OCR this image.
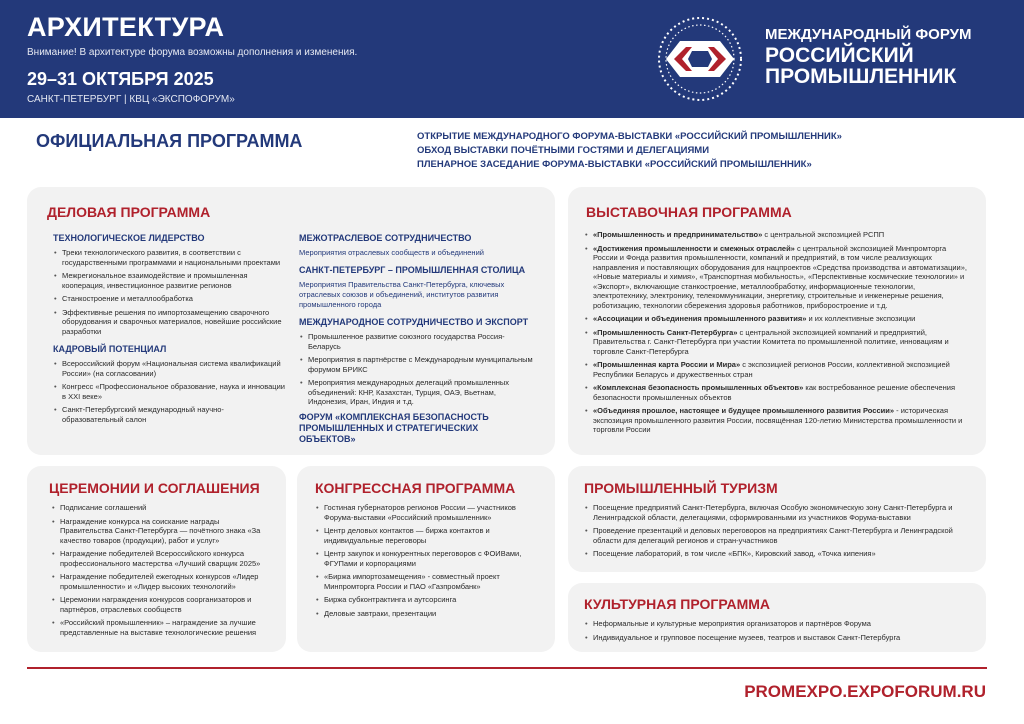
АРХИТЕКТУРА
Внимание! В архитектуре форума возможны дополнения и изменения.
29–31 ОКТЯБРЯ 2025
САНКТ-ПЕТЕРБУРГ | КВЦ «ЭКСПОФОРУМ»
МЕЖДУНАРОДНЫЙ ФОРУМ
РОССИЙСКИЙ
ПРОМЫШЛЕННИК
ОФИЦИАЛЬНАЯ ПРОГРАММА	ОТКРЫТИЕ МЕЖДУНАРОДНОГО ФОРУМА-ВЫСТАВКИ «РОССИЙСКИЙ ПРОМЫШЛЕННИК»
ОБХОД ВЫСТАВКИ ПОЧЁТНЫМИ ГОСТЯМИ И ДЕЛЕГАЦИЯМИ
ПЛЕНАРНОЕ ЗАСЕДАНИЕ ФОРУМА-ВЫСТАВКИ «РОССИЙСКИЙ ПРОМЫШЛЕННИК»
ДЕЛОВАЯ ПРОГРАММА
ТЕХНОЛОГИЧЕСКОЕ ЛИДЕРСТВО
• Треки технологического развития, в соответствии с государственными программами и национальными проектами
• Межрегиональное взаимодействие и промышленная кооперация, инвестиционное развитие регионов
• Станкостроение и металлообработка
• Эффективные решения по импортозамещению сварочного оборудования и сварочных материалов, новейшие российские разработки
КАДРОВЫЙ ПОТЕНЦИАЛ
• Всероссийский форум «Национальная система квалификаций России» (на согласовании)
• Конгресс «Профессиональное образование, наука и инновации в XXI веке»
• Санкт-Петербургский международный научно-образовательный салон
МЕЖОТРАСЛЕВОЕ СОТРУДНИЧЕСТВО
Мероприятия отраслевых сообществ и объединений
САНКТ-ПЕТЕРБУРГ – ПРОМЫШЛЕННАЯ СТОЛИЦА
Мероприятия Правительства Санкт-Петербурга, ключевых отраслевых союзов и объединений, институтов развития промышленного города
МЕЖДУНАРОДНОЕ СОТРУДНИЧЕСТВО И ЭКСПОРТ
• Промышленное развитие союзного государства Россия-Беларусь
• Мероприятия в партнёрстве с Международным муниципальным форумом БРИКС
• Мероприятия международных делегаций промышленных объединений: КНР, Казахстан, Турция, ОАЭ, Вьетнам, Индонезия, Иран, Индия и т.д.
ФОРУМ «КОМПЛЕКСНАЯ БЕЗОПАСНОСТЬ ПРОМЫШЛЕННЫХ И СТРАТЕГИЧЕСКИХ ОБЪЕКТОВ»
ВЫСТАВОЧНАЯ ПРОГРАММА
• «Промышленность и предпринимательство» с центральной экспозицией РСПП
• «Достижения промышленности и смежных отраслей» с центральной экспозицией Минпромторга России и Фонда развития промышленности, компаний и предприятий, в том числе реализующих направления и поставляющих оборудования для нацпроектов «Средства производства и автоматизации», «Новые материалы и химия», «Транспортная мобильность», «Перспективные космические технологии» и «Экспорт», включающие станкостроение, металлообработку, информационные технологии, электротехнику, электронику, телекоммуникации, энергетику, строительные и инженерные решения, роботизацию, технологии сбережения здоровья работников, приборостроение и т.д.
• «Ассоциации и объединения промышленного развития» и их коллективные экспозиции
• «Промышленность Санкт-Петербурга» с центральной экспозицией компаний и предприятий, Правительства г. Санкт-Петербурга при участии Комитета по промышленной политике, инновациям и торговле Санкт-Петербурга
• «Промышленная карта России и Мира» с экспозицией регионов России, коллективной экспозицией Республики Беларусь и дружественных стран
• «Комплексная безопасность промышленных объектов» как востребованное решение обеспечения безопасности промышленных объектов
• «Объединяя прошлое, настоящее и будущее промышленного развития России» - историческая экспозиция промышленного развития России, посвящённая 120-летию Министерства промышленности и торговли России
ЦЕРЕМОНИИ И СОГЛАШЕНИЯ
• Подписание соглашений
• Награждение конкурса на соискание награды Правительства Санкт-Петербурга — почётного знака «За качество товаров (продукции), работ и услуг»
• Награждение победителей Всероссийского конкурса профессионального мастерства «Лучший сварщик 2025»
• Награждение победителей ежегодных конкурсов «Лидер промышленности» и «Лидер высоких технологий»
• Церемонии награждения конкурсов соорганизаторов и партнёров, отраслевых сообществ
• «Российский промышленник» – награждение за лучшие представленные на выставке технологические решения
КОНГРЕССНАЯ ПРОГРАММА
• Гостиная губернаторов регионов России — участников Форума-выставки «Российский промышленник»
• Центр деловых контактов — биржа контактов и индивидуальные переговоры
• Центр закупок и конкурентных переговоров с ФОИВами, ФГУПами и корпорациями
• «Биржа импортозамещения» - совместный проект Минпромторга России и ПАО «Газпромбанк»
• Биржа субконтрактинга и аутсорсинга
• Деловые завтраки, презентации
ПРОМЫШЛЕННЫЙ ТУРИЗМ
• Посещение предприятий Санкт-Петербурга, включая Особую экономическую зону Санкт-Петербурга и Ленинградской области, делегациями, сформированными из участников Форума-выставки
• Проведение презентаций и деловых переговоров на предприятиях Санкт-Петербурга и Ленинградской области для делегаций регионов и стран-участников
• Посещение лабораторий, в том числе «БПК», Кировский завод, «Точка кипения»
КУЛЬТУРНАЯ ПРОГРАММА
• Неформальные и культурные мероприятия организаторов и партнёров Форума
• Индивидуальное и групповое посещение музеев, театров и выставок Санкт-Петербурга
PROMEXPO.EXPOFORUM.RU
